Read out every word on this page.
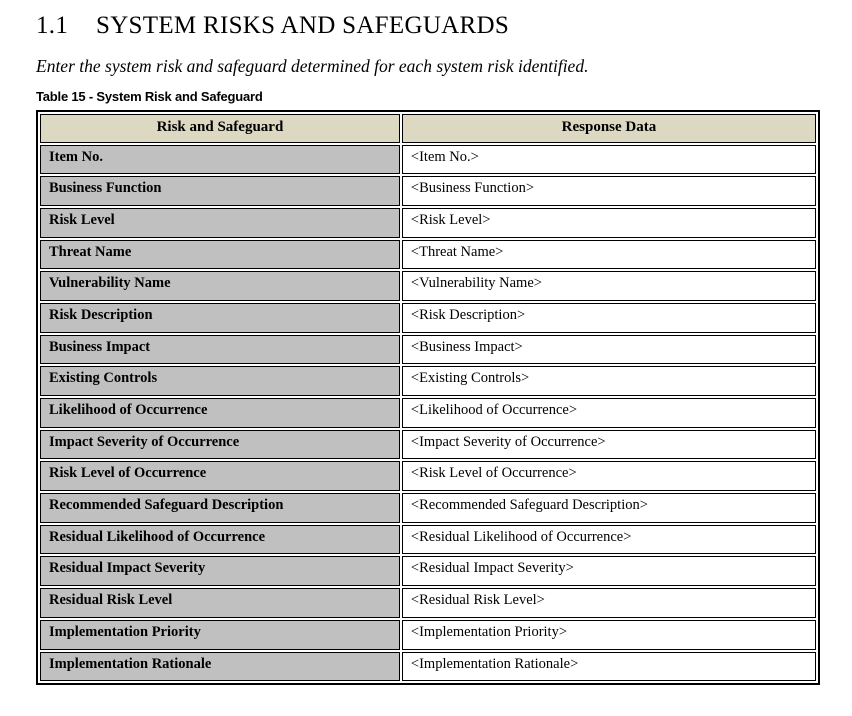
1.1 SYSTEM RISKS AND SAFEGUARDS

Enter the system risk and safeguard determined for each system risk identified.

Table 15 - System Risk and Safeguard

Risk and Safeguard	Response Data
Item No.	<Item No.>
Business Function	<Business Function>
Risk Level	<Risk Level>
Threat Name	<Threat Name>
Vulnerability Name	<Vulnerability Name>
Risk Description	<Risk Description>
Business Impact	<Business Impact>
Existing Controls	<Existing Controls>
Likelihood of Occurrence	<Likelihood of Occurrence>
Impact Severity of Occurrence	<Impact Severity of Occurrence>
Risk Level of Occurrence	<Risk Level of Occurrence>
Recommended Safeguard Description	<Recommended Safeguard Description>
Residual Likelihood of Occurrence	<Residual Likelihood of Occurrence>
Residual Impact Severity	<Residual Impact Severity>
Residual Risk Level	<Residual Risk Level>
Implementation Priority	<Implementation Priority>
Implementation Rationale	<Implementation Rationale>
